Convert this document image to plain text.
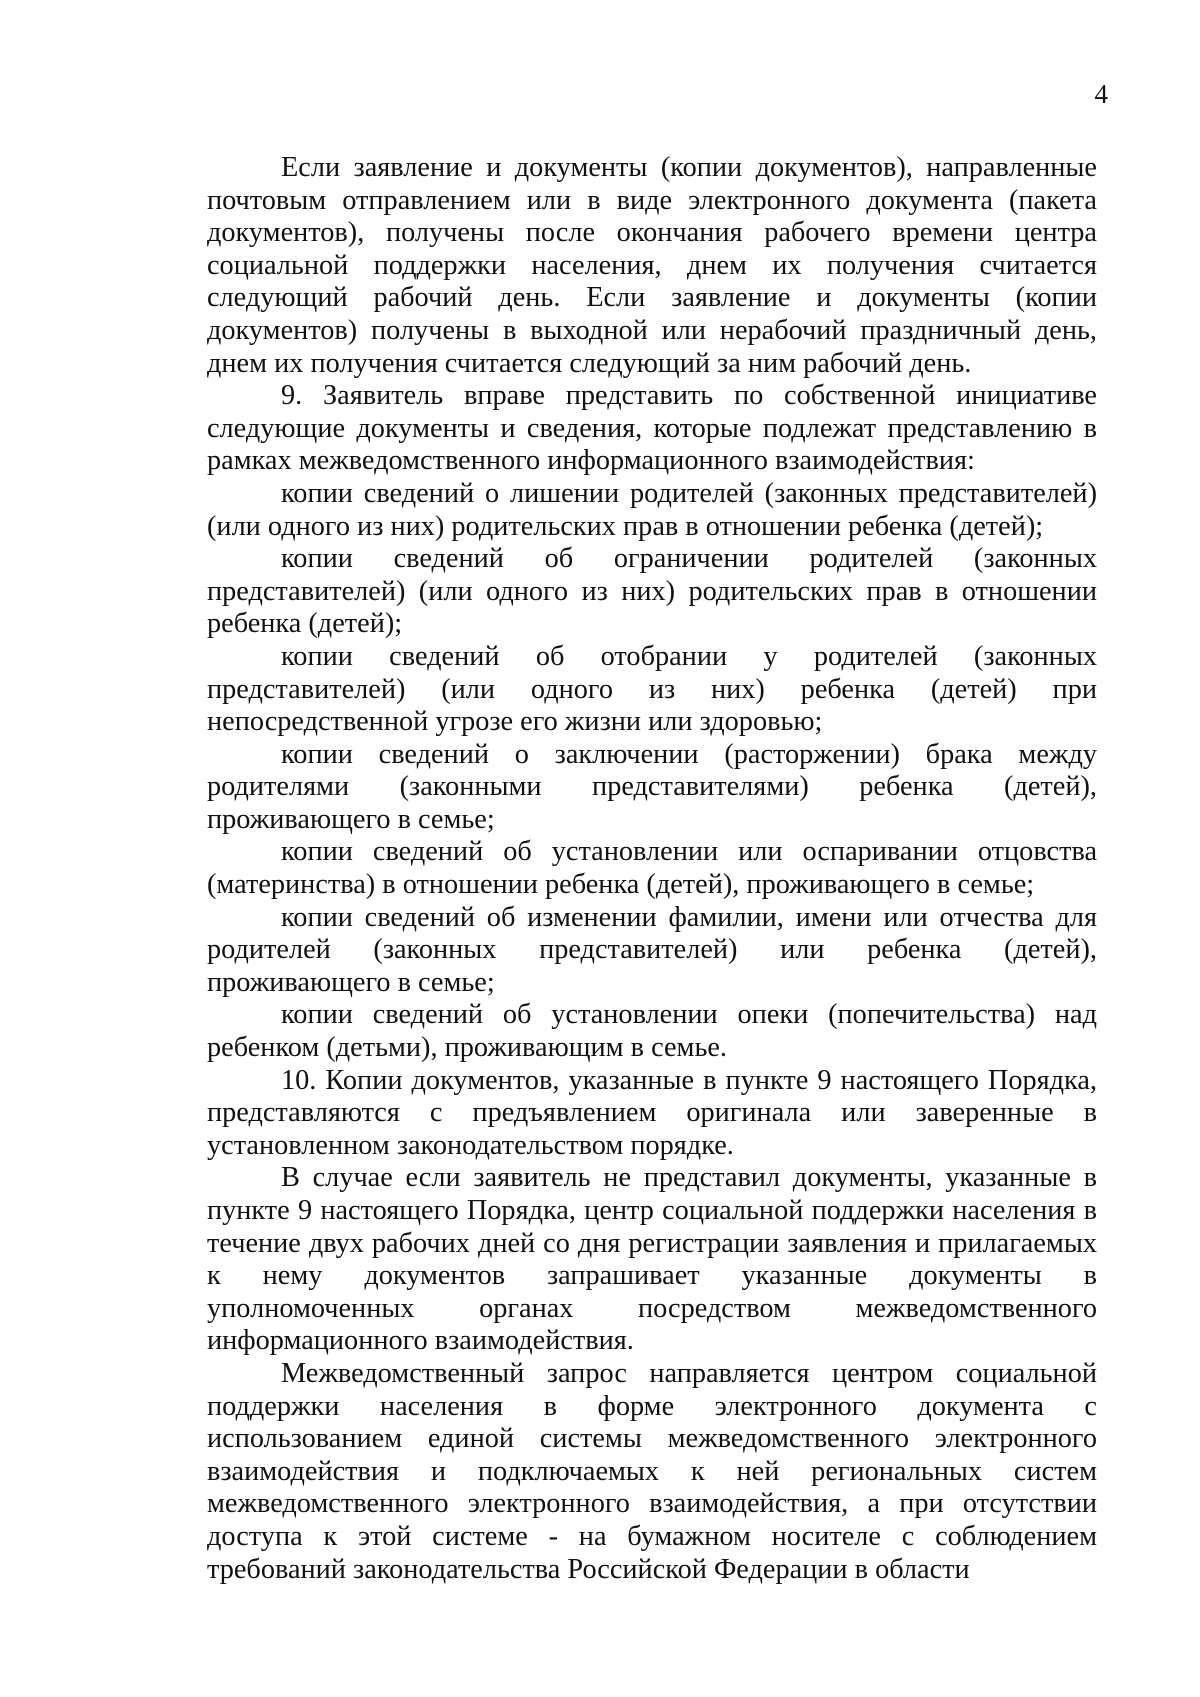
4

Если заявление и документы (копии документов), направленные почтовым отправлением или в виде электронного документа (пакета документов), получены после окончания рабочего времени центра социальной поддержки населения, днем их получения считается следующий рабочий день. Если заявление и документы (копии документов) получены в выходной или нерабочий праздничный день, днем их получения считается следующий за ним рабочий день.

9. Заявитель вправе представить по собственной инициативе следующие документы и сведения, которые подлежат представлению в рамках межведомственного информационного взаимодействия:

копии сведений о лишении родителей (законных представителей) (или одного из них) родительских прав в отношении ребенка (детей);

копии сведений об ограничении родителей (законных представителей) (или одного из них) родительских прав в отношении ребенка (детей);

копии сведений об отобрании у родителей (законных представителей) (или одного из них) ребенка (детей) при непосредственной угрозе его жизни или здоровью;

копии сведений о заключении (расторжении) брака между родителями (законными представителями) ребенка (детей), проживающего в семье;

копии сведений об установлении или оспаривании отцовства (материнства) в отношении ребенка (детей), проживающего в семье;

копии сведений об изменении фамилии, имени или отчества для родителей (законных представителей) или ребенка (детей), проживающего в семье;

копии сведений об установлении опеки (попечительства) над ребенком (детьми), проживающим в семье.

10. Копии документов, указанные в пункте 9 настоящего Порядка, представляются с предъявлением оригинала или заверенные в установленном законодательством порядке.

В случае если заявитель не представил документы, указанные в пункте 9 настоящего Порядка, центр социальной поддержки населения в течение двух рабочих дней со дня регистрации заявления и прилагаемых к нему документов запрашивает указанные документы в уполномоченных органах посредством межведомственного информационного взаимодействия.

Межведомственный запрос направляется центром социальной поддержки населения в форме электронного документа с использованием единой системы межведомственного электронного взаимодействия и подключаемых к ней региональных систем межведомственного электронного взаимодействия, а при отсутствии доступа к этой системе - на бумажном носителе с соблюдением требований законодательства Российской Федерации в области
